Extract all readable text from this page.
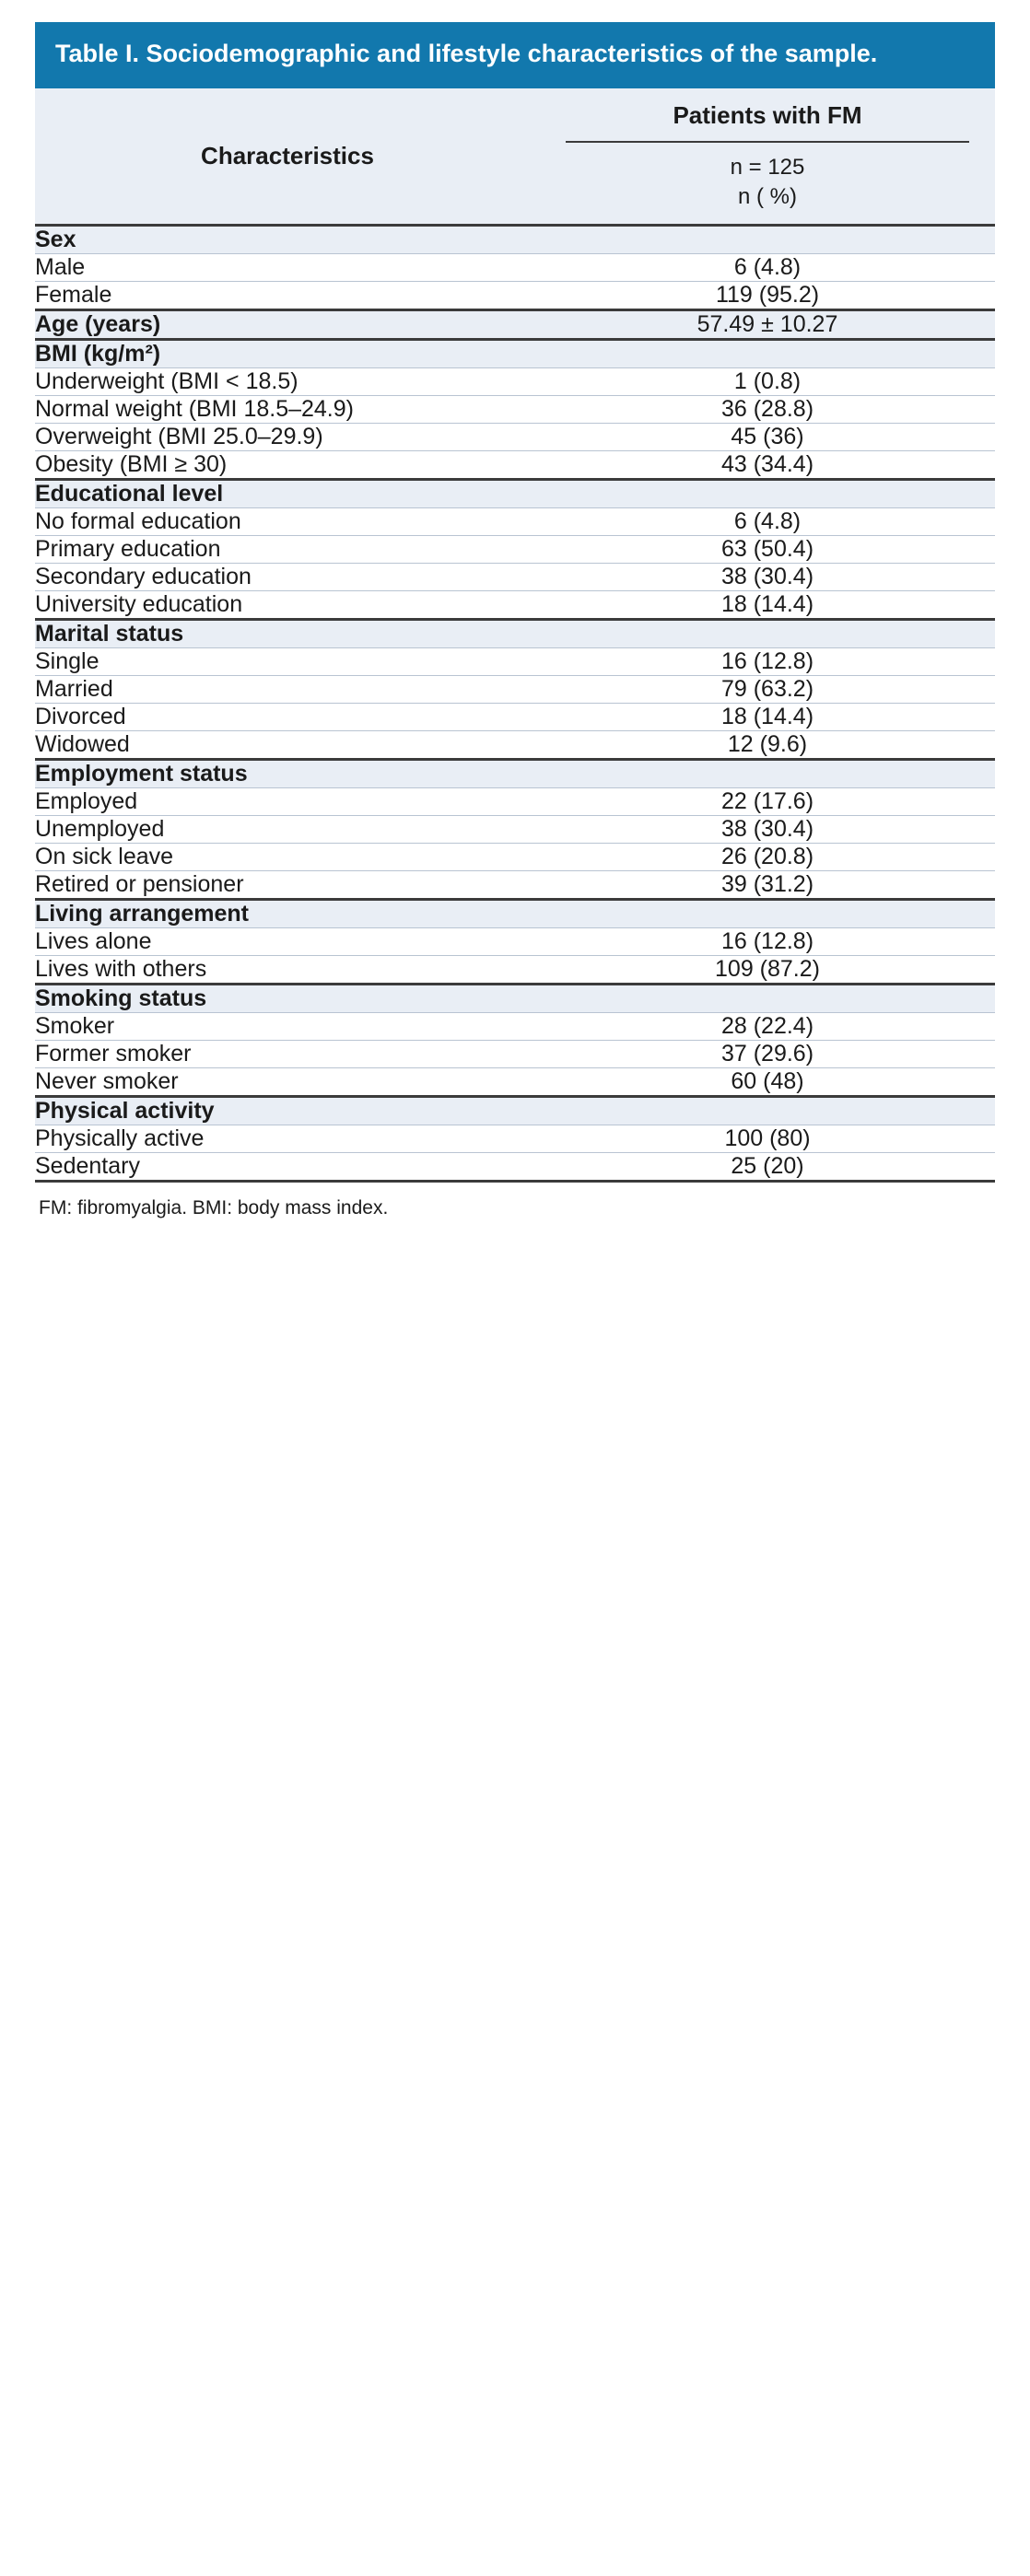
Table I. Sociodemographic and lifestyle characteristics of the sample.
Characteristics	Patients with FM
n = 125
n ( %)

Sex	
Male	6 (4.8)
Female	119 (95.2)
Age (years)	57.49 ± 10.27
BMI (kg/m²)	
Underweight (BMI < 18.5)	1 (0.8)
Normal weight (BMI 18.5–24.9)	36 (28.8)
Overweight (BMI 25.0–29.9)	45 (36)
Obesity (BMI ≥ 30)	43 (34.4)
Educational level	
No formal education	6 (4.8)
Primary education	63 (50.4)
Secondary education	38 (30.4)
University education	18 (14.4)
Marital status	
Single	16 (12.8)
Married	79 (63.2)
Divorced	18 (14.4)
Widowed	12 (9.6)
Employment status	
Employed	22 (17.6)
Unemployed	38 (30.4)
On sick leave	26 (20.8)
Retired or pensioner	39 (31.2)
Living arrangement	
Lives alone	16 (12.8)
Lives with others	109 (87.2)
Smoking status	
Smoker	28 (22.4)
Former smoker	37 (29.6)
Never smoker	60 (48)
Physical activity	
Physically active	100 (80)
Sedentary	25 (20)
FM: fibromyalgia. BMI: body mass index.
